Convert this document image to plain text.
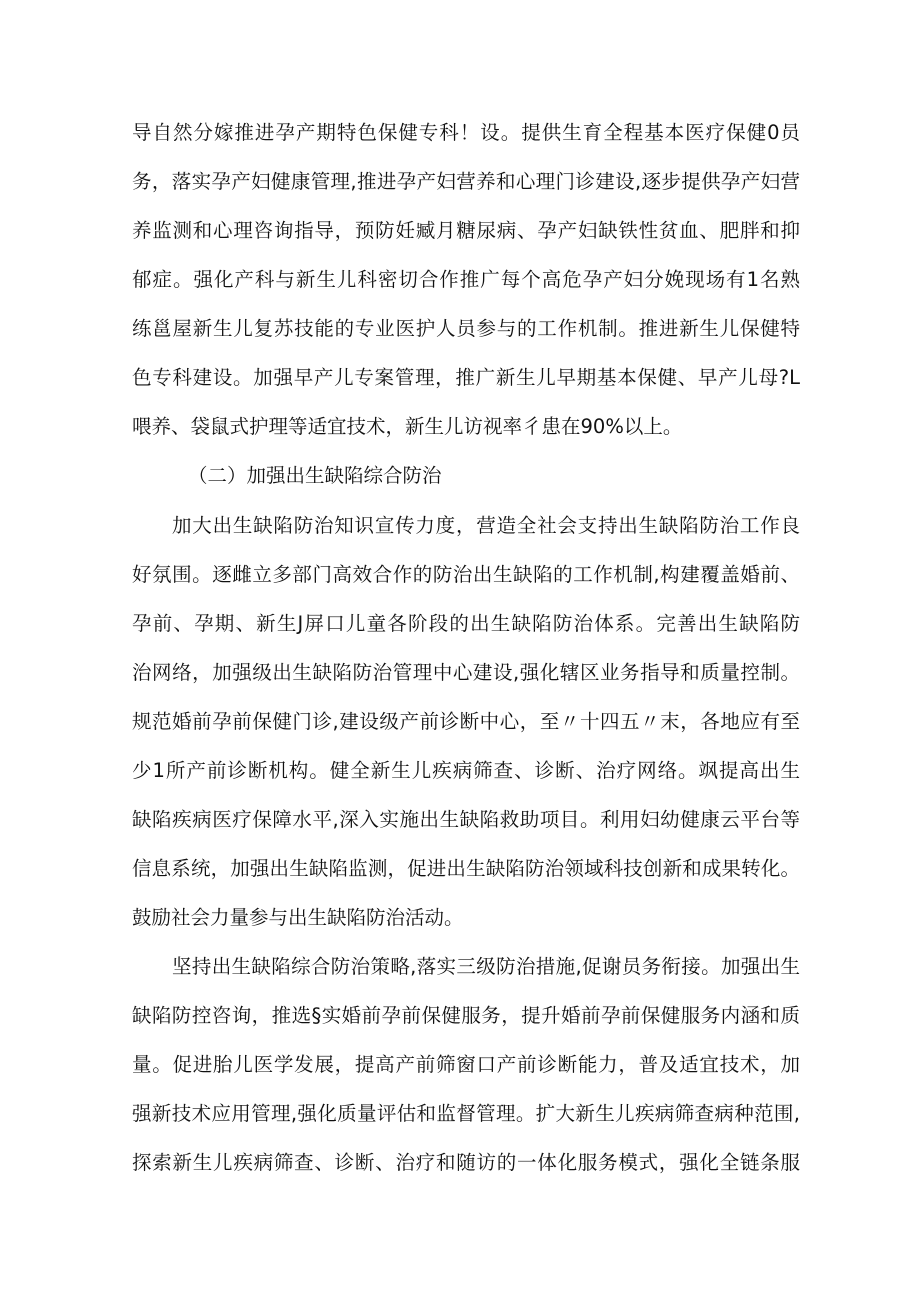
导自然分嫁推进孕产期特色保健专科！设。提供生育全程基本医疗保健0员
务，落实孕产妇健康管理,推进孕产妇营养和心理门诊建设,逐步提供孕产妇营
养监测和心理咨询指导，预防妊臧月糖尿病、孕产妇缺铁性贫血、肥胖和抑
郁症。强化产科与新生儿科密切合作推广每个高危孕产妇分娩现场有1名熟
练邕屋新生儿复苏技能的专业医护人员参与的工作机制。推进新生儿保健特
色专科建设。加强早产儿专案管理，推广新生儿早期基本保健、早产儿母?L
喂养、袋鼠式护理等适宜技术，新生儿访视率彳患在90%以上。
（二）加强出生缺陷综合防治
加大出生缺陷防治知识宣传力度，营造全社会支持出生缺陷防治工作良
好氛围。逐雌立多部门高效合作的防治出生缺陷的工作机制,构建覆盖婚前、
孕前、孕期、新生J屏口儿童各阶段的出生缺陷防治体系。完善出生缺陷防
治网络，加强级出生缺陷防治管理中心建设,强化辖区业务指导和质量控制。
规范婚前孕前保健门诊,建设级产前诊断中心，至〃十四五〃末，各地应有至
少1所产前诊断机构。健全新生儿疾病筛查、诊断、治疗网络。飒提高出生
缺陷疾病医疗保障水平,深入实施出生缺陷救助项目。利用妇幼健康云平台等
信息系统，加强出生缺陷监测，促进出生缺陷防治领域科技创新和成果转化。
鼓励社会力量参与出生缺陷防治活动。
坚持出生缺陷综合防治策略,落实三级防治措施,促谢员务衔接。加强出生
缺陷防控咨询，推选§实婚前孕前保健服务，提升婚前孕前保健服务内涵和质
量。促进胎儿医学发展，提高产前筛窗口产前诊断能力，普及适宜技术，加
强新技术应用管理,强化质量评估和监督管理。扩大新生儿疾病筛查病种范围,
探索新生儿疾病筛查、诊断、治疗和随访的一体化服务模式，强化全链条服
